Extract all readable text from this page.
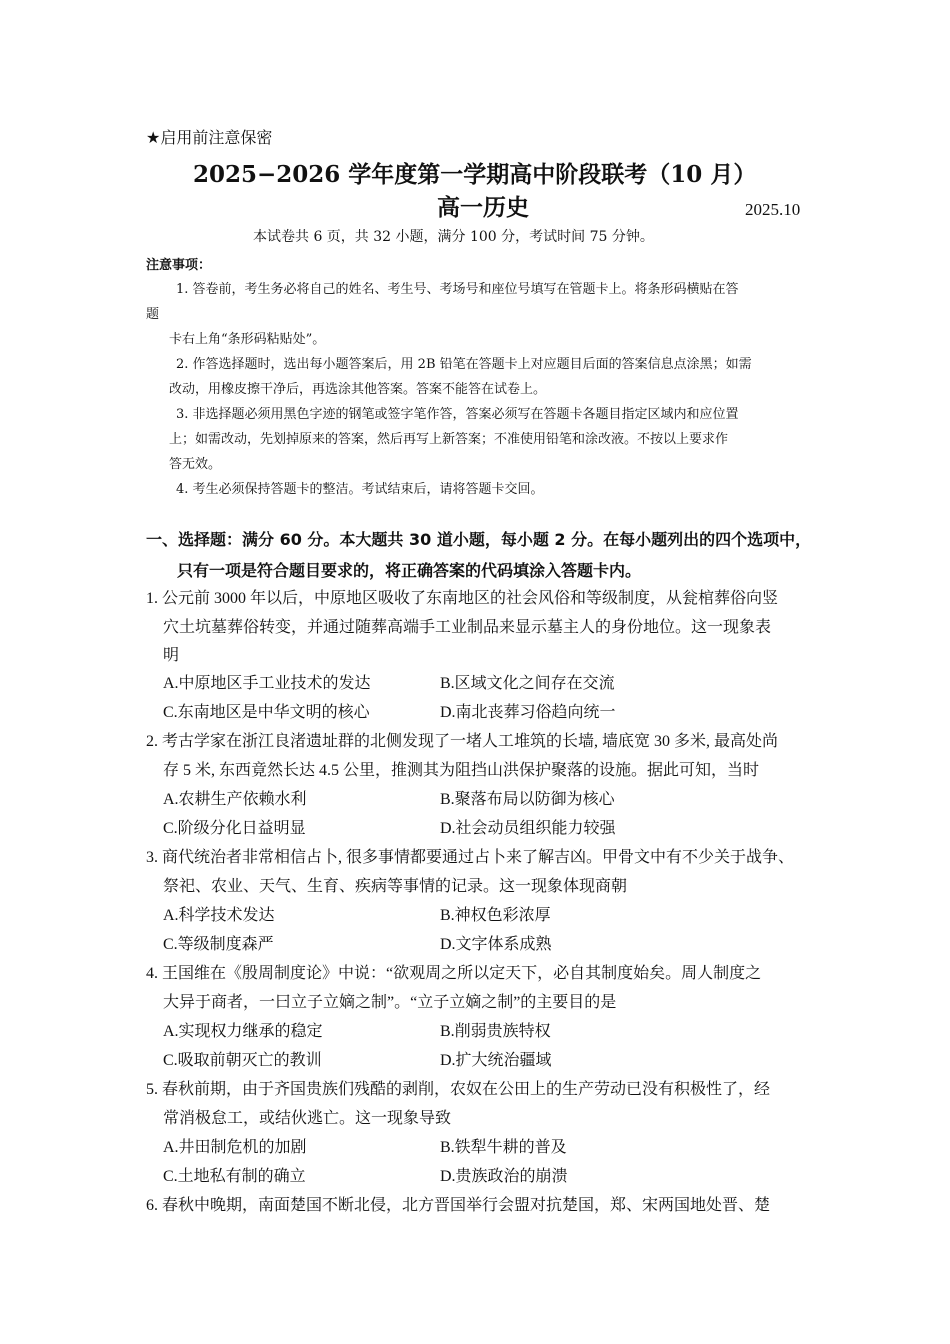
★启用前注意保密
2025−2026 学年度第一学期高中阶段联考（10 月）
高一历史	2025.10
本试卷共 6 页，共 32 小题，满分 100 分，考试时间 75 分钟。
注意事项：
1. 答卷前，考生务必将自己的姓名、考生号、考场号和座位号填写在管题卡上。将条形码横贴在答
题
卡右上角“条形码粘贴处”。
2. 作答选择题时，选出每小题答案后，用 2B 铅笔在答题卡上对应题目后面的答案信息点涂黑；如需
改动，用橡皮擦干净后，再选涂其他答案。答案不能答在试卷上。
3. 非选择题必须用黑色字迹的钢笔或签字笔作答，答案必须写在答题卡各题目指定区域内和应位置
上；如需改动，先划掉原来的答案，然后再写上新答案；不准使用铅笔和涂改液。不按以上要求作
答无效。
4. 考生必须保持答题卡的整洁。考试结束后，请将答题卡交回。
一、选择题：满分 60 分。本大题共 30 道小题，每小题 2 分。在每小题列出的四个选项中，
只有一项是符合题目要求的，将正确答案的代码填涂入答题卡内。
1. 公元前 3000 年以后，中原地区吸收了东南地区的社会风俗和等级制度，从瓮棺葬俗向竖
穴土坑墓葬俗转变，并通过随葬高端手工业制品来显示墓主人的身份地位。这一现象表
明
A.中原地区手工业技术的发达	B.区域文化之间存在交流
C.东南地区是中华文明的核心	D.南北丧葬习俗趋向统一
2. 考古学家在浙江良渚遗址群的北侧发现了一堵人工堆筑的长墙, 墙底宽 30 多米, 最高处尚
存 5 米, 东西竟然长达 4.5 公里，推测其为阻挡山洪保护聚落的设施。据此可知，当时
A.农耕生产依赖水利	B.聚落布局以防御为核心
C.阶级分化日益明显	D.社会动员组织能力较强
3. 商代统治者非常相信占卜, 很多事情都要通过占卜来了解吉凶。甲骨文中有不少关于战争、
祭祀、农业、天气、生育、疾病等事情的记录。这一现象体现商朝
A.科学技术发达	B.神权色彩浓厚
C.等级制度森严	D.文字体系成熟
4. 王国维在《殷周制度论》中说：“欲观周之所以定天下，必自其制度始矣。周人制度之
大异于商者，一曰立子立嫡之制”。“立子立嫡之制”的主要目的是
A.实现权力继承的稳定	B.削弱贵族特权
C.吸取前朝灭亡的教训	D.扩大统治疆域
5. 春秋前期，由于齐国贵族们残酷的剥削，农奴在公田上的生产劳动已没有积极性了，经
常消极怠工，或结伙逃亡。这一现象导致
A.井田制危机的加剧	B.铁犁牛耕的普及
C.土地私有制的确立	D.贵族政治的崩溃
6. 春秋中晚期，南面楚国不断北侵，北方晋国举行会盟对抗楚国，郑、宋两国地处晋、楚
